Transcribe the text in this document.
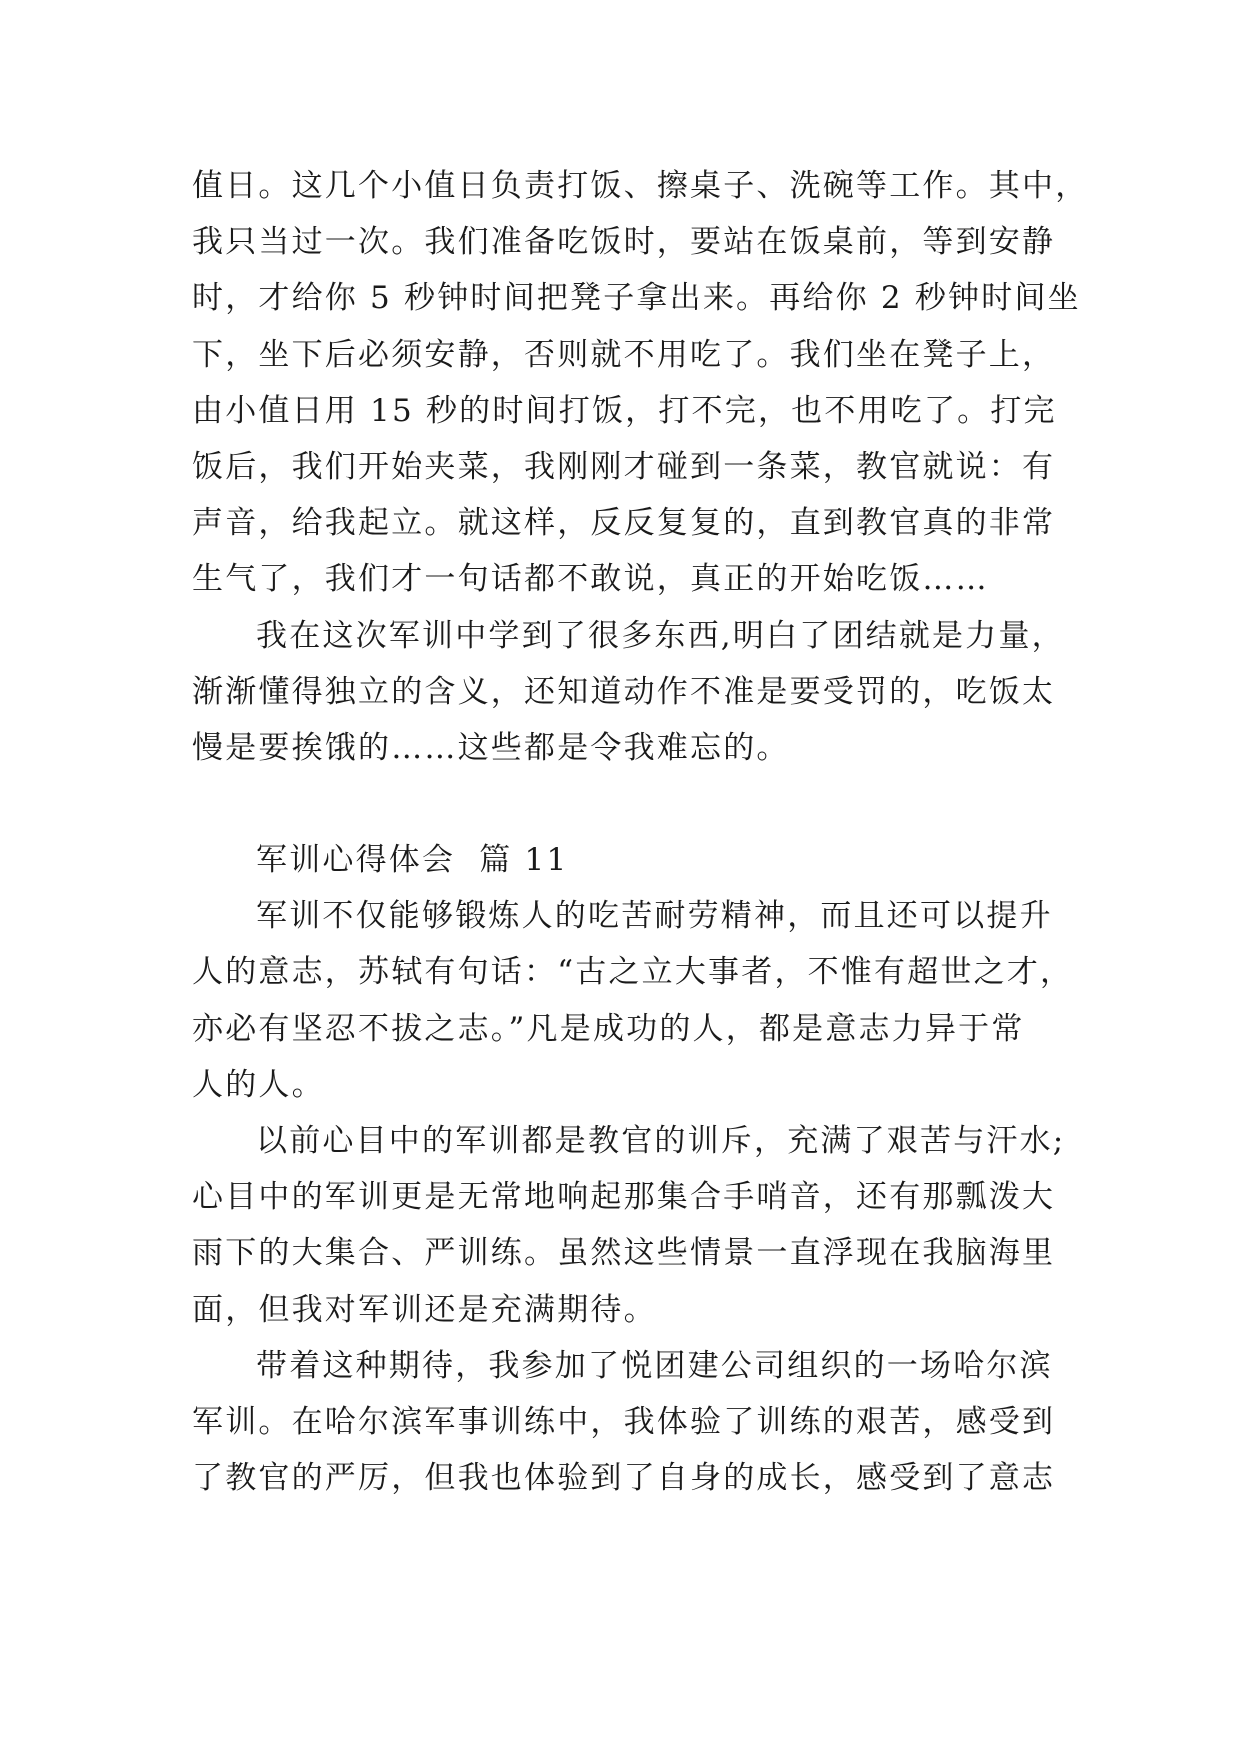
值日。这几个小值日负责打饭、擦桌子、洗碗等工作。其中，
我只当过一次。我们准备吃饭时，要站在饭桌前，等到安静
时，才给你 5 秒钟时间把凳子拿出来。再给你 2 秒钟时间坐
下，坐下后必须安静，否则就不用吃了。我们坐在凳子上，
由小值日用 15 秒的时间打饭，打不完，也不用吃了。打完
饭后，我们开始夹菜，我刚刚才碰到一条菜，教官就说：有
声音，给我起立。就这样，反反复复的，直到教官真的非常
生气了，我们才一句话都不敢说，真正的开始吃饭……
我在这次军训中学到了很多东西,明白了团结就是力量，
渐渐懂得独立的含义，还知道动作不准是要受罚的，吃饭太
慢是要挨饿的……这些都是令我难忘的。
军训心得体会  篇 11
军训不仅能够锻炼人的吃苦耐劳精神，而且还可以提升
人的意志，苏轼有句话：“古之立大事者，不惟有超世之才，
亦必有坚忍不拔之志。”凡是成功的人，都是意志力异于常
人的人。
以前心目中的军训都是教官的训斥，充满了艰苦与汗水;
心目中的军训更是无常地响起那集合手哨音，还有那瓢泼大
雨下的大集合、严训练。虽然这些情景一直浮现在我脑海里
面，但我对军训还是充满期待。
带着这种期待，我参加了悦团建公司组织的一场哈尔滨
军训。在哈尔滨军事训练中，我体验了训练的艰苦，感受到
了教官的严厉，但我也体验到了自身的成长，感受到了意志
